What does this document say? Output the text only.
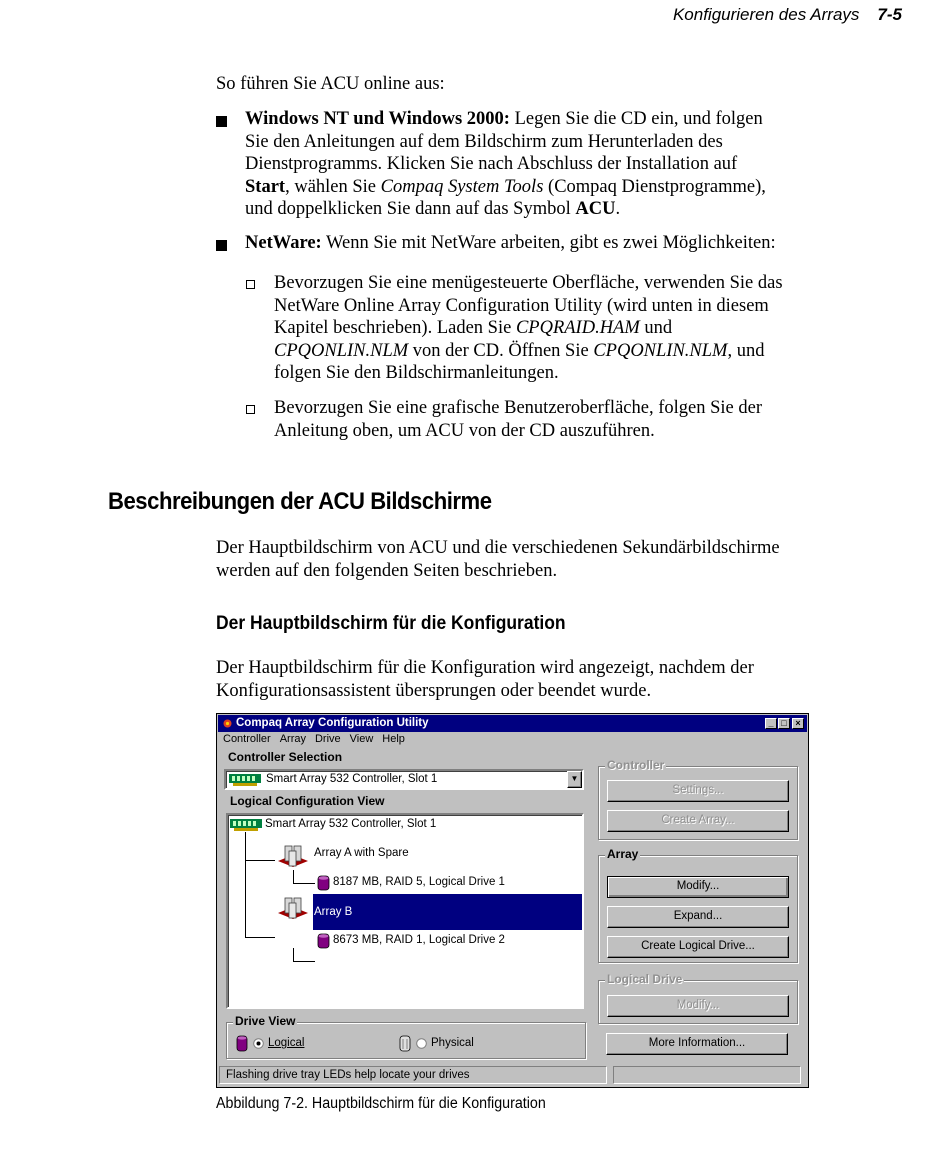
Konfigurieren des Arrays 7-5
So führen Sie ACU online aus:
Windows NT und Windows 2000: Legen Sie die CD ein, und folgen
Sie den Anleitungen auf dem Bildschirm zum Herunterladen des
Dienstprogramms. Klicken Sie nach Abschluss der Installation auf
Start, wählen Sie Compaq System Tools (Compaq Dienstprogramme),
und doppelklicken Sie dann auf das Symbol ACU.
NetWare: Wenn Sie mit NetWare arbeiten, gibt es zwei Möglichkeiten:
Bevorzugen Sie eine menügesteuerte Oberfläche, verwenden Sie das
NetWare Online Array Configuration Utility (wird unten in diesem
Kapitel beschrieben). Laden Sie CPQRAID.HAM und
CPQONLIN.NLM von der CD. Öffnen Sie CPQONLIN.NLM, und
folgen Sie den Bildschirmanleitungen.
Bevorzugen Sie eine grafische Benutzeroberfläche, folgen Sie der
Anleitung oben, um ACU von der CD auszuführen.
Beschreibungen der ACU Bildschirme
Der Hauptbildschirm von ACU und die verschiedenen Sekundärbildschirme
werden auf den folgenden Seiten beschrieben.
Der Hauptbildschirm für die Konfiguration
Der Hauptbildschirm für die Konfiguration wird angezeigt, nachdem der
Konfigurationsassistent übersprungen oder beendet wurde.
Compaq Array Configuration Utility	_ □ ×
Controller Array Drive View Help
Controller Selection
Smart Array 532 Controller, Slot 1	▼
Logical Configuration View
Smart Array 532 Controller, Slot 1
Array A with Spare
8187 MB, RAID 5, Logical Drive 1
Array B
8673 MB, RAID 1, Logical Drive 2
Drive View
Logical	Physical
Controller
Settings...
Create Array...
Array
Modify...
Expand...
Create Logical Drive...
Logical Drive
Modify...
More Information...
Flashing drive tray LEDs help locate your drives
Abbildung 7-2. Hauptbildschirm für die Konfiguration
